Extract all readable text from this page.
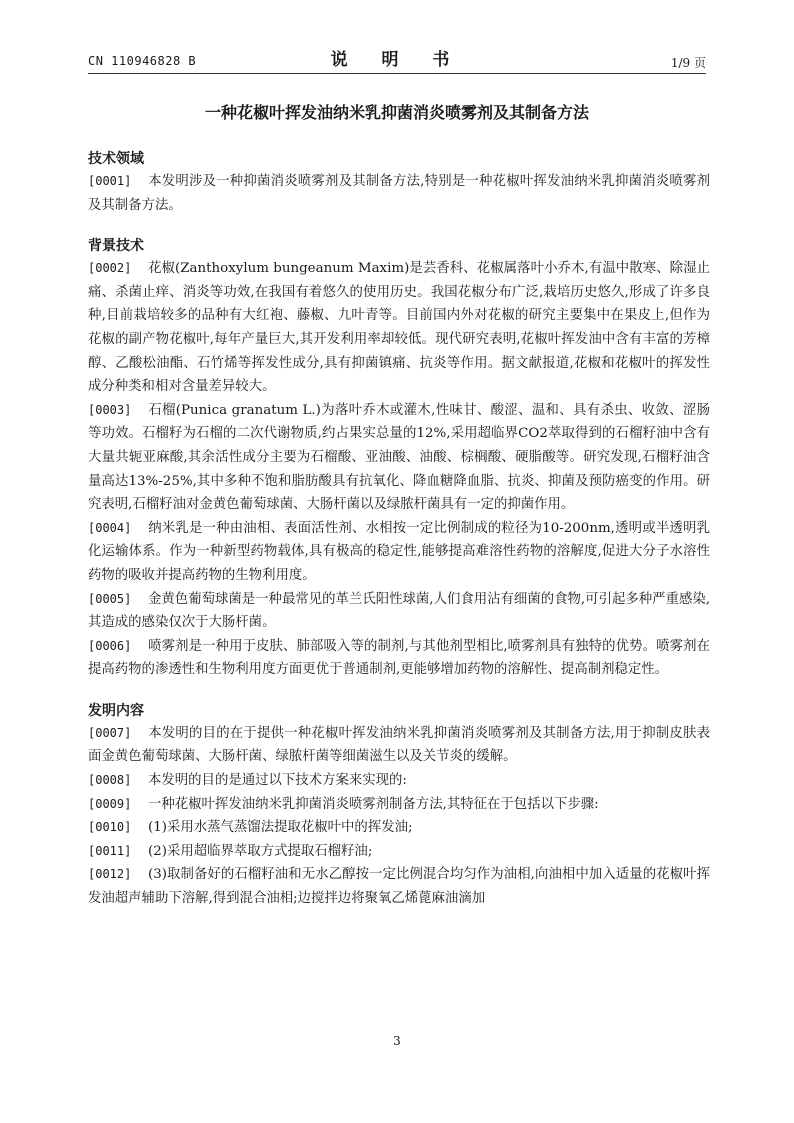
CN 110946828 B	说 明 书	1/9 页
一种花椒叶挥发油纳米乳抑菌消炎喷雾剂及其制备方法
技术领域
[0001] 本发明涉及一种抑菌消炎喷雾剂及其制备方法,特别是一种花椒叶挥发油纳米乳抑菌消炎喷雾剂及其制备方法。
背景技术
[0002] 花椒(Zanthoxylum bungeanum Maxim)是芸香科、花椒属落叶小乔木,有温中散寒、除湿止痛、杀菌止痒、消炎等功效,在我国有着悠久的使用历史。我国花椒分布广泛,栽培历史悠久,形成了许多良种,目前栽培较多的品种有大红袍、藤椒、九叶青等。目前国内外对花椒的研究主要集中在果皮上,但作为花椒的副产物花椒叶,每年产量巨大,其开发利用率却较低。现代研究表明,花椒叶挥发油中含有丰富的芳樟醇、乙酸松油酯、石竹烯等挥发性成分,具有抑菌镇痛、抗炎等作用。据文献报道,花椒和花椒叶的挥发性成分种类和相对含量差异较大。
[0003] 石榴(Punica granatum L.)为落叶乔木或灌木,性味甘、酸涩、温和、具有杀虫、收敛、涩肠等功效。石榴籽为石榴的二次代谢物质,约占果实总量的12%,采用超临界CO2萃取得到的石榴籽油中含有大量共轭亚麻酸,其余活性成分主要为石榴酸、亚油酸、油酸、棕榈酸、硬脂酸等。研究发现,石榴籽油含量高达13%-25%,其中多种不饱和脂肪酸具有抗氧化、降血糖降血脂、抗炎、抑菌及预防癌变的作用。研究表明,石榴籽油对金黄色葡萄球菌、大肠杆菌以及绿脓杆菌具有一定的抑菌作用。
[0004] 纳米乳是一种由油相、表面活性剂、水相按一定比例制成的粒径为10-200nm,透明或半透明乳化运输体系。作为一种新型药物载体,具有极高的稳定性,能够提高难溶性药物的溶解度,促进大分子水溶性药物的吸收并提高药物的生物利用度。
[0005] 金黄色葡萄球菌是一种最常见的革兰氏阳性球菌,人们食用沾有细菌的食物,可引起多种严重感染,其造成的感染仅次于大肠杆菌。
[0006] 喷雾剂是一种用于皮肤、肺部吸入等的制剂,与其他剂型相比,喷雾剂具有独特的优势。喷雾剂在提高药物的渗透性和生物利用度方面更优于普通制剂,更能够增加药物的溶解性、提高制剂稳定性。
发明内容
[0007] 本发明的目的在于提供一种花椒叶挥发油纳米乳抑菌消炎喷雾剂及其制备方法,用于抑制皮肤表面金黄色葡萄球菌、大肠杆菌、绿脓杆菌等细菌滋生以及关节炎的缓解。
[0008] 本发明的目的是通过以下技术方案来实现的:
[0009] 一种花椒叶挥发油纳米乳抑菌消炎喷雾剂制备方法,其特征在于包括以下步骤:
[0010] (1)采用水蒸气蒸馏法提取花椒叶中的挥发油;
[0011] (2)采用超临界萃取方式提取石榴籽油;
[0012] (3)取制备好的石榴籽油和无水乙醇按一定比例混合均匀作为油相,向油相中加入适量的花椒叶挥发油超声辅助下溶解,得到混合油相;边搅拌边将聚氧乙烯蓖麻油滴加
3
